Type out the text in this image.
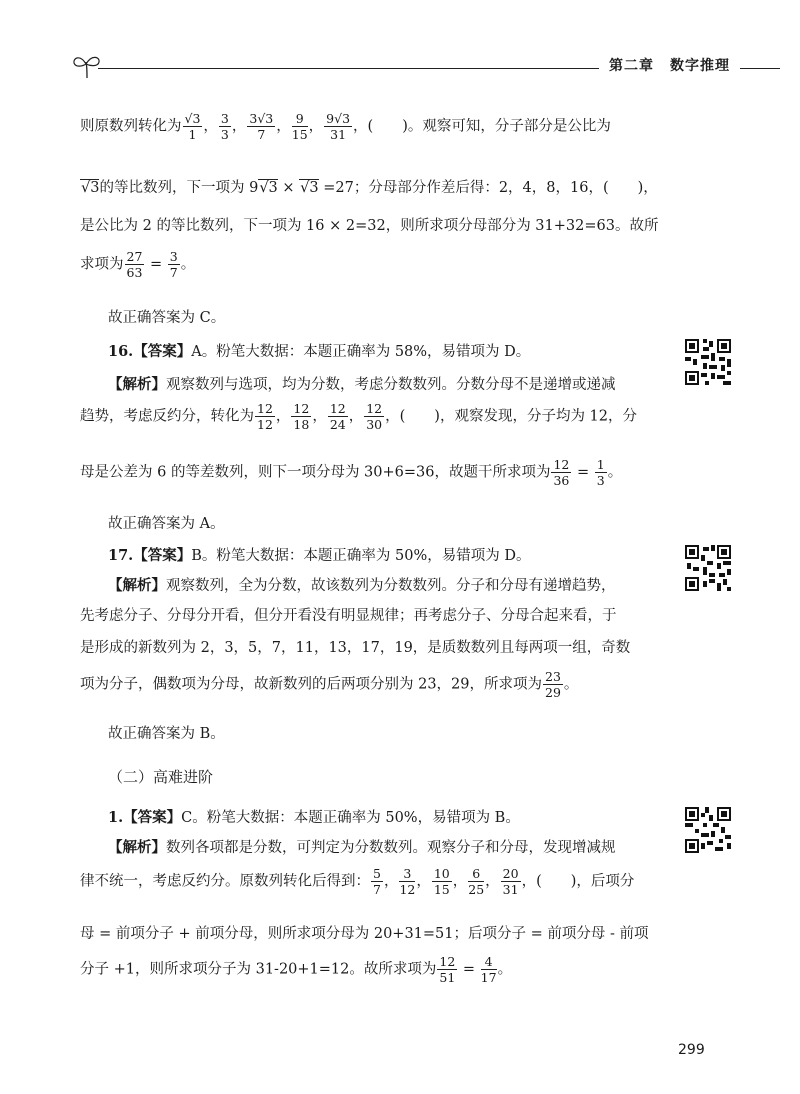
第二章 数字推理
则原数列转化为 $\frac{√3}{1}$ ， $\frac{3}{3}$ ， $\frac{3√3}{7}$ ， $\frac{9}{15}$ ， $\frac{9√3}{31}$ ，(　　)。观察可知，分子部分是公比为
√3的等比数列，下一项为 9√3 × √3 =27；分母部分作差后得：2，4，8，16，(　　)，
是公比为 2 的等比数列，下一项为 16 × 2=32，则所求项分母部分为 31+32=63。故所
求项为 $\frac{27}{63} = \frac{3}{7}$ 。
故正确答案为 C。
16.【答案】A。粉笔大数据：本题正确率为 58%，易错项为 D。
【解析】观察数列与选项，均为分数，考虑分数数列。分数分母不是递增或递减
趋势，考虑反约分，转化为 $\frac{12}{12}$ ， $\frac{12}{18}$ ， $\frac{12}{24}$ ， $\frac{12}{30}$ ，(　　)，观察发现，分子均为 12，分
母是公差为 6 的等差数列，则下一项分母为 30+6=36，故题干所求项为 $\frac{12}{36} = \frac{1}{3}$ 。
故正确答案为 A。
17.【答案】B。粉笔大数据：本题正确率为 50%，易错项为 D。
【解析】观察数列，全为分数，故该数列为分数数列。分子和分母有递增趋势，
先考虑分子、分母分开看，但分开看没有明显规律；再考虑分子、分母合起来看，于
是形成的新数列为 2，3，5，7，11，13，17，19，是质数数列且每两项一组，奇数
项为分子，偶数项为分母，故新数列的后两项分别为 23，29，所求项为 $\frac{23}{29}$ 。
故正确答案为 B。
（二）高难进阶
1.【答案】C。粉笔大数据：本题正确率为 50%，易错项为 B。
【解析】数列各项都是分数，可判定为分数数列。观察分子和分母，发现增减规
律不统一，考虑反约分。原数列转化后得到： $\frac{5}{7}$ ， $\frac{3}{12}$ ， $\frac{10}{15}$ ， $\frac{6}{25}$ ， $\frac{20}{31}$ ，(　　)，后项分
母 = 前项分子 + 前项分母，则所求项分母为 20+31=51；后项分子 = 前项分母 - 前项
分子 +1，则所求项分子为 31-20+1=12。故所求项为 $\frac{12}{51} = \frac{4}{17}$ 。
299
